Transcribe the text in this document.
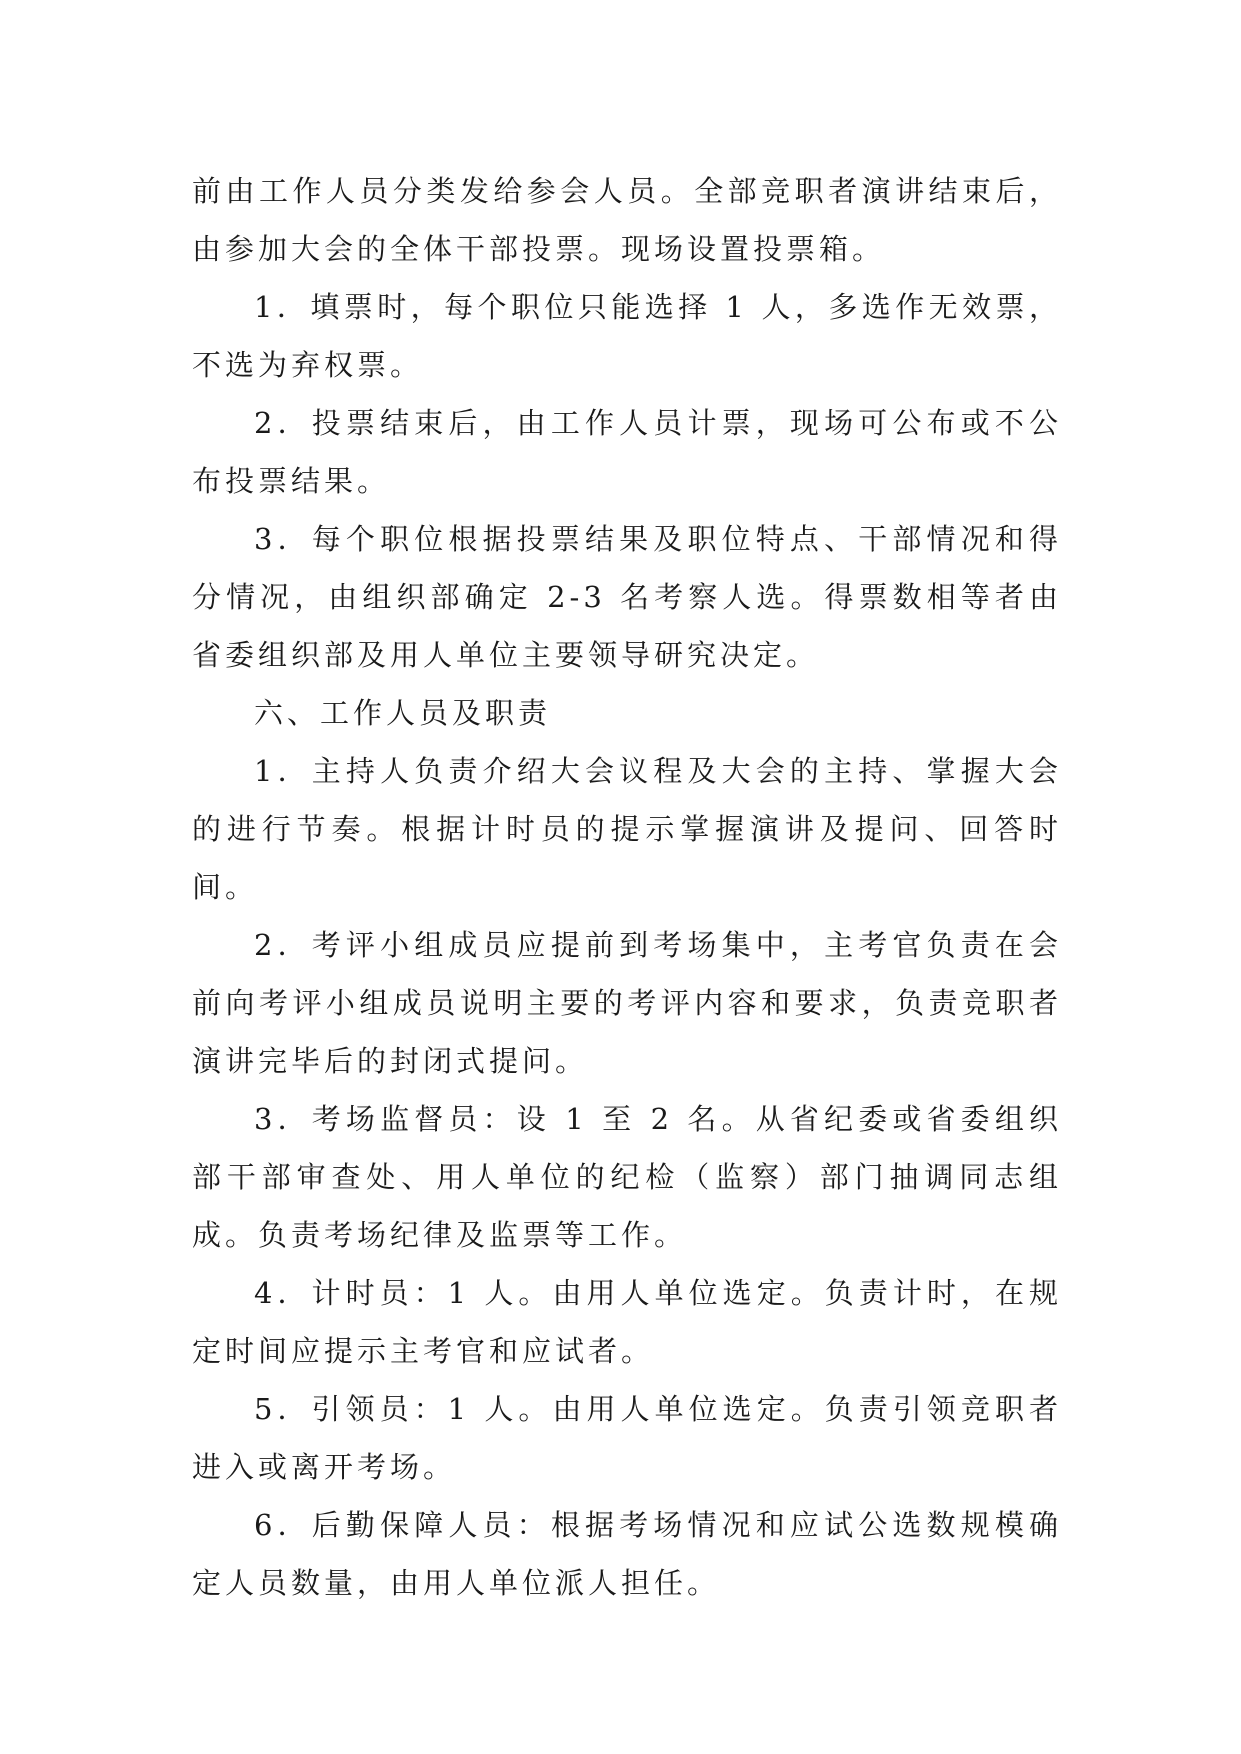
前由工作人员分类发给参会人员。全部竞职者演讲结束后，由参加大会的全体干部投票。现场设置投票箱。

1．填票时，每个职位只能选择 1 人，多选作无效票，不选为弃权票。

2．投票结束后，由工作人员计票，现场可公布或不公布投票结果。

3．每个职位根据投票结果及职位特点、干部情况和得分情况，由组织部确定 2-3 名考察人选。得票数相等者由省委组织部及用人单位主要领导研究决定。

六、工作人员及职责

1．主持人负责介绍大会议程及大会的主持、掌握大会的进行节奏。根据计时员的提示掌握演讲及提问、回答时间。

2．考评小组成员应提前到考场集中，主考官负责在会前向考评小组成员说明主要的考评内容和要求，负责竞职者演讲完毕后的封闭式提问。

3．考场监督员：设 1 至 2 名。从省纪委或省委组织部干部审查处、用人单位的纪检（监察）部门抽调同志组成。负责考场纪律及监票等工作。

4．计时员：1 人。由用人单位选定。负责计时，在规定时间应提示主考官和应试者。

5．引领员：1 人。由用人单位选定。负责引领竞职者进入或离开考场。

6．后勤保障人员：根据考场情况和应试公选数规模确定人员数量，由用人单位派人担任。
